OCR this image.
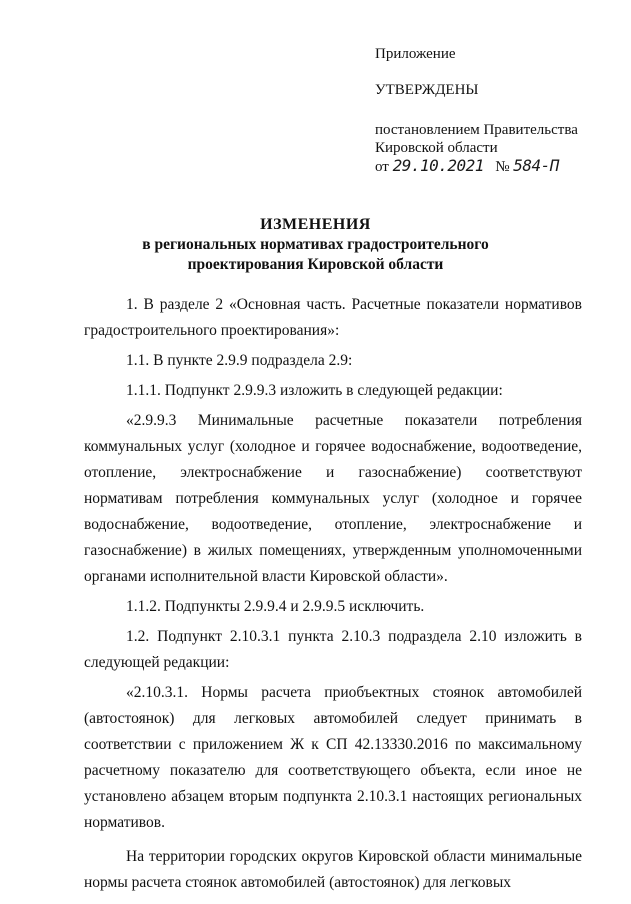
Приложение
УТВЕРЖДЕНЫ
постановлением Правительства
Кировской области
от 29.10.2021 № 584-П
ИЗМЕНЕНИЯ
в региональных нормативах градостроительного
проектирования Кировской области

1. В разделе 2 «Основная часть. Расчетные показатели нормативов градостроительного проектирования»:

1.1. В пункте 2.9.9 подраздела 2.9:

1.1.1. Подпункт 2.9.9.3 изложить в следующей редакции:

«2.9.9.3 Минимальные расчетные показатели потребления коммунальных услуг (холодное и горячее водоснабжение, водоотведение, отопление, электроснабжение и газоснабжение) соответствуют нормативам потребления коммунальных услуг (холодное и горячее водоснабжение, водоотведение, отопление, электроснабжение и газоснабжение) в жилых помещениях, утвержденным уполномоченными органами исполнительной власти Кировской области».

1.1.2. Подпункты 2.9.9.4 и 2.9.9.5 исключить.

1.2. Подпункт 2.10.3.1 пункта 2.10.3 подраздела 2.10 изложить в следующей редакции:

«2.10.3.1. Нормы расчета приобъектных стоянок автомобилей (автостоянок) для легковых автомобилей следует принимать в соответствии с приложением Ж к СП 42.13330.2016 по максимальному расчетному показателю для соответствующего объекта, если иное не установлено абзацем вторым подпункта 2.10.3.1 настоящих региональных нормативов.

На территории городских округов Кировской области минимальные нормы расчета стоянок автомобилей (автостоянок) для легковых
